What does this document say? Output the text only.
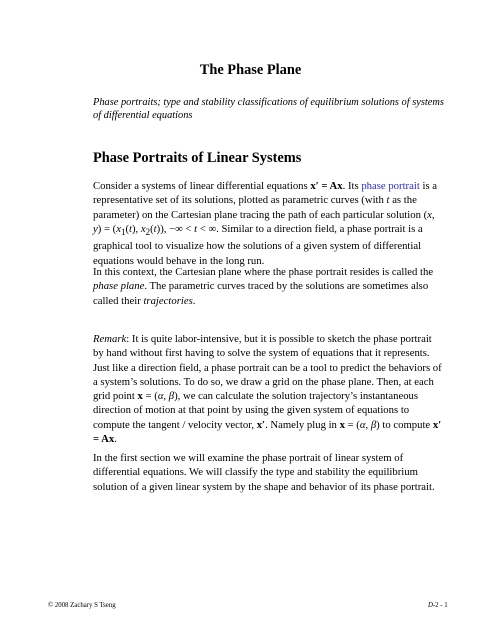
The Phase Plane
Phase portraits; type and stability classifications of equilibrium solutions of systems of differential equations
Phase Portraits of Linear Systems
Consider a systems of linear differential equations x′ = Ax. Its phase portrait is a representative set of its solutions, plotted as parametric curves (with t as the parameter) on the Cartesian plane tracing the path of each particular solution (x, $y) = (x_1(t)$, $x_2(t)$), −∞ < t < ∞. Similar to a direction field, a phase portrait is a graphical tool to visualize how the solutions of a given system of differential equations would behave in the long run.
In this context, the Cartesian plane where the phase portrait resides is called the phase plane. The parametric curves traced by the solutions are sometimes also called their trajectories.
Remark: It is quite labor-intensive, but it is possible to sketch the phase portrait by hand without first having to solve the system of equations that it represents. Just like a direction field, a phase portrait can be a tool to predict the behaviors of a system’s solutions. To do so, we draw a grid on the phase plane. Then, at each grid point x = (α, β), we can calculate the solution trajectory’s instantaneous direction of motion at that point by using the given system of equations to compute the tangent / velocity vector, x′. Namely plug in x = (α, β) to compute x′ = Ax.
In the first section we will examine the phase portrait of linear system of differential equations. We will classify the type and stability the equilibrium solution of a given linear system by the shape and behavior of its phase portrait.
© 2008 Zachary S Tseng	D-2 - 1
